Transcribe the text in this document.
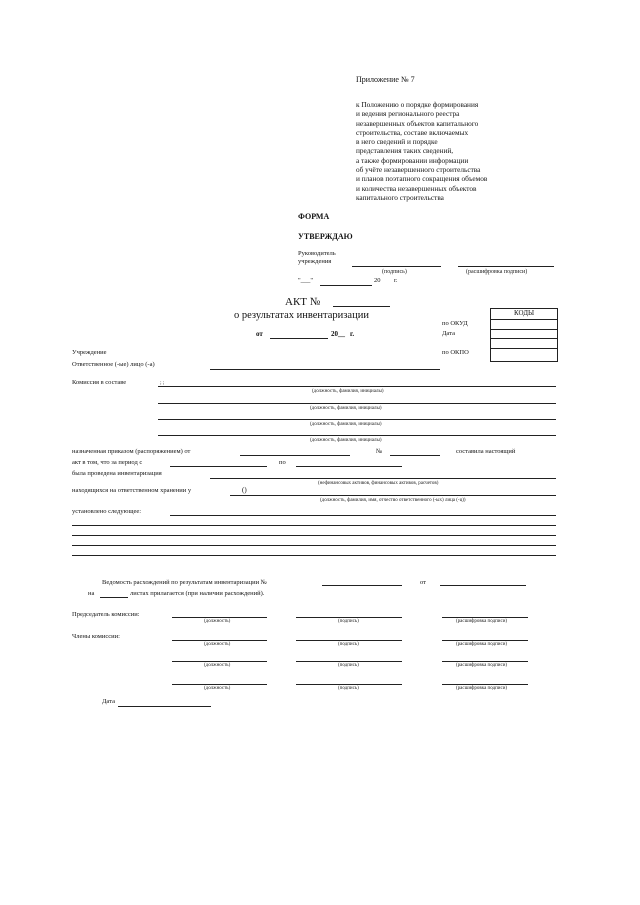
Приложение № 7
к Положению о порядке формирования
и ведения регионального реестра
незавершенных объектов капитального
строительства, составе включаемых
в него сведений и порядке
представления таких сведений,
а также формировании информации
об учёте незавершенного строительства
и планов поэтапного сокращения объемов
и количества незавершенных объектов
капитального строительства
ФОРМА
УТВЕРЖДАЮ
Руководитель
учреждения
(подпись)	(расшифровка подписи)
"___"	20 г.
АКТ №
о результатах инвентаризации
от	20__ г.
КОДЫ
по ОКУД
Дата
по ОКПО
Учреждение
Ответственное (-ые) лицо (-а)
Комиссия в составе	; ;
(должность, фамилия, инициалы)
(должность, фамилия, инициалы)
(должность, фамилия, инициалы)
(должность, фамилия, инициалы)
назначенная приказом (распоряжением) от	№	составила настоящий
акт в том, что за период с	по
была проведена инвентаризация
(нефинансовых активов, финансовых активов, расчетов)
находящихся на ответственном хранении у	()
(должность, фамилия, имя, отчество ответственного (-ых) лица (-ц))
установлено следующее:
Ведомость расхождений по результатам инвентаризации №	от
на	листах прилагается (при наличии расхождений).
Председатель комиссии:
(должность)	(подпись)	(расшифровка подписи)
Члены комиссии:
(должность)	(подпись)	(расшифровка подписи)
(должность)	(подпись)	(расшифровка подписи)
(должность)	(подпись)	(расшифровка подписи)
Дата
